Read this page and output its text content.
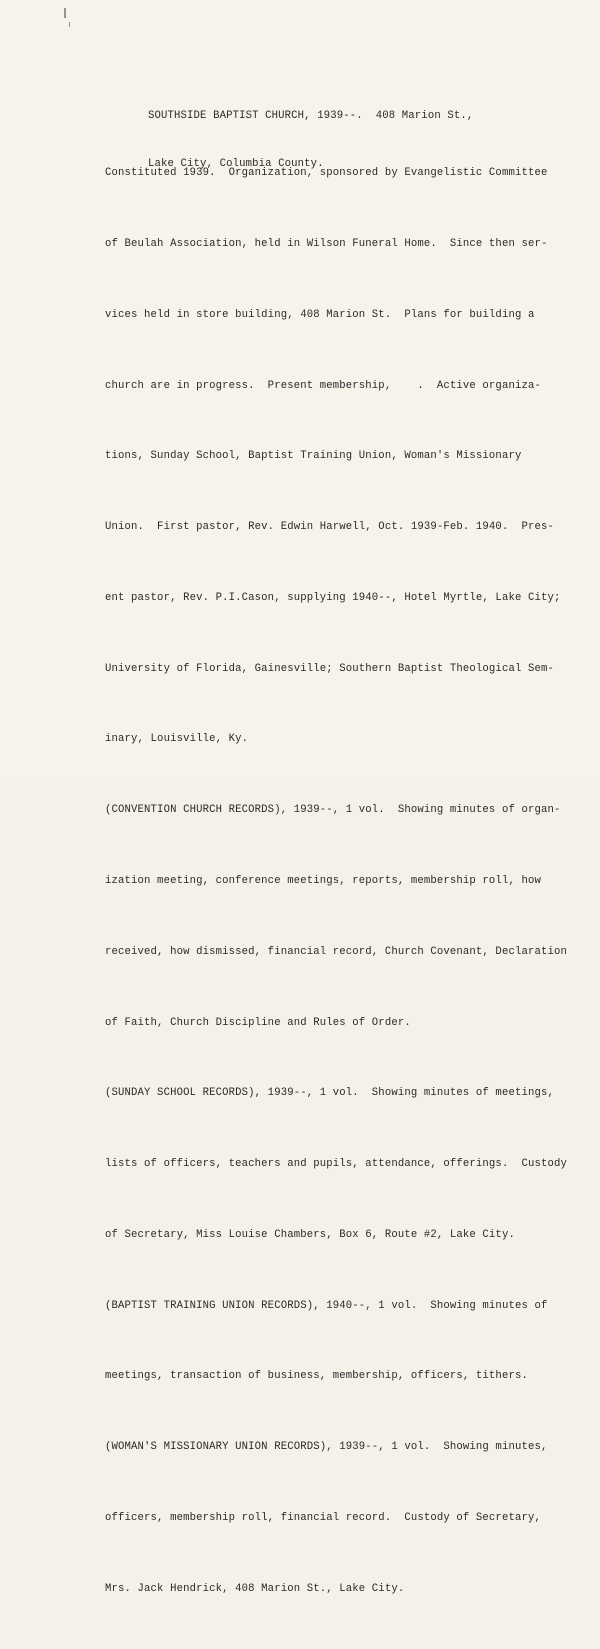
SOUTHSIDE BAPTIST CHURCH, 1939--.  408 Marion St.,

Lake City, Columbia County.

Constituted 1939.  Organization, sponsored by Evangelistic Committee

of Beulah Association, held in Wilson Funeral Home.  Since then ser-

vices held in store building, 408 Marion St.  Plans for building a

church are in progress.  Present membership,    .  Active organiza-

tions, Sunday School, Baptist Training Union, Woman's Missionary

Union.  First pastor, Rev. Edwin Harwell, Oct. 1939-Feb. 1940.  Pres-

ent pastor, Rev. P.I.Cason, supplying 1940--, Hotel Myrtle, Lake City;

University of Florida, Gainesville; Southern Baptist Theological Sem-

inary, Louisville, Ky.

(CONVENTION CHURCH RECORDS), 1939--, 1 vol.  Showing minutes of organ-

ization meeting, conference meetings, reports, membership roll, how

received, how dismissed, financial record, Church Covenant, Declaration

of Faith, Church Discipline and Rules of Order.

(SUNDAY SCHOOL RECORDS), 1939--, 1 vol.  Showing minutes of meetings,

lists of officers, teachers and pupils, attendance, offerings.  Custody

of Secretary, Miss Louise Chambers, Box 6, Route #2, Lake City.

(BAPTIST TRAINING UNION RECORDS), 1940--, 1 vol.  Showing minutes of

meetings, transaction of business, membership, officers, tithers.

(WOMAN'S MISSIONARY UNION RECORDS), 1939--, 1 vol.  Showing minutes,

officers, membership roll, financial record.  Custody of Secretary,

Mrs. Jack Hendrick, 408 Marion St., Lake City.
